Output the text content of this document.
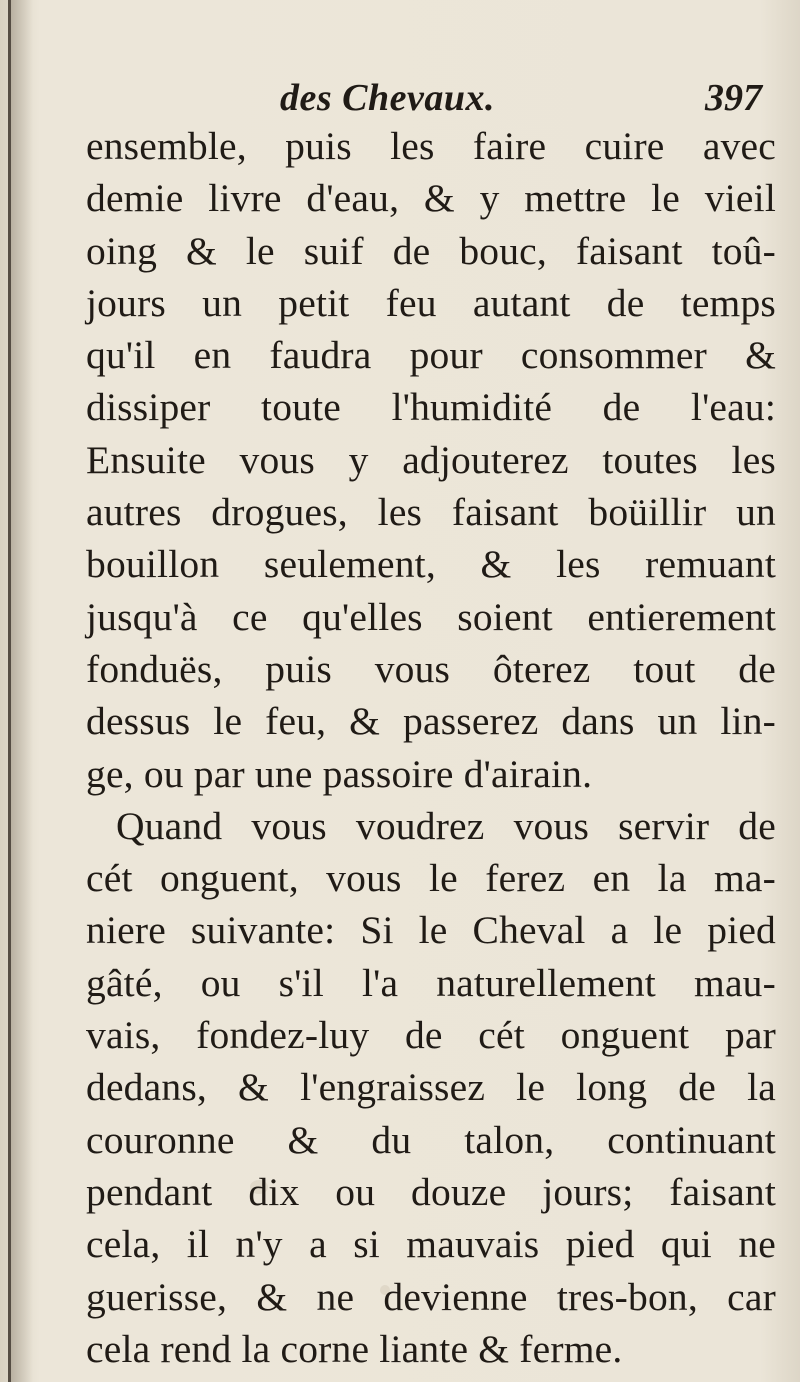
des Chevaux.	397
ensemble, puis les faire cuire avec
demie livre d'eau, & y mettre le vieil
oing & le suif de bouc, faisant toû-
jours un petit feu autant de temps
qu'il en faudra pour consommer &
dissiper toute l'humidité de l'eau:
Ensuite vous y adjouterez toutes les
autres drogues, les faisant boüillir un
bouillon seulement, & les remuant
jusqu'à ce qu'elles soient entierement
fonduës, puis vous ôterez tout de
dessus le feu, & passerez dans un lin-
ge, ou par une passoire d'airain.
Quand vous voudrez vous servir de
cét onguent, vous le ferez en la ma-
niere suivante: Si le Cheval a le pied
gâté, ou s'il l'a naturellement mau-
vais, fondez-luy de cét onguent par
dedans, & l'engraissez le long de la
couronne & du talon, continuant
pendant dix ou douze jours; faisant
cela, il n'y a si mauvais pied qui ne
guerisse, & ne devienne tres-bon, car
cela rend la corne liante & ferme.
